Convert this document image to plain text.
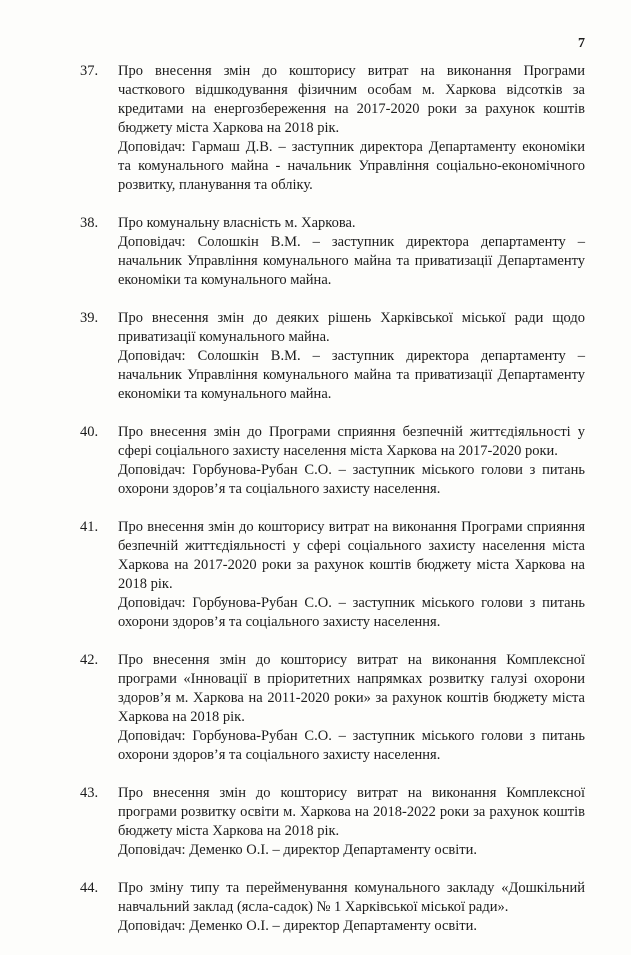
7
37.	Про внесення змін до кошторису витрат на виконання Програми часткового відшкодування фізичним особам м. Харкова відсотків за кредитами на енергозбереження на 2017-2020 роки за рахунок коштів бюджету міста Харкова на 2018 рік.

Доповідач: Гармаш Д.В. – заступник директора Департаменту економіки та комунального майна - начальник Управління соціально-економічного розвитку, планування та обліку.

38.	Про комунальну власність м. Харкова.

Доповідач: Солошкін В.М. – заступник директора департаменту – начальник Управління комунального майна та приватизації Департаменту економіки та комунального майна.

39.	Про внесення змін до деяких рішень Харківської міської ради щодо приватизації комунального майна.

Доповідач: Солошкін В.М. – заступник директора департаменту – начальник Управління комунального майна та приватизації Департаменту економіки та комунального майна.

40.	Про внесення змін до Програми сприяння безпечній життєдіяльності у сфері соціального захисту населення міста Харкова на 2017-2020 роки.

Доповідач: Горбунова-Рубан С.О. – заступник міського голови з питань охорони здоров’я та соціального захисту населення.

41.	Про внесення змін до кошторису витрат на виконання Програми сприяння безпечній життєдіяльності у сфері соціального захисту населення міста Харкова на 2017-2020 роки за рахунок коштів бюджету міста Харкова на 2018 рік.

Доповідач: Горбунова-Рубан С.О. – заступник міського голови з питань охорони здоров’я та соціального захисту населення.

42.	Про внесення змін до кошторису витрат на виконання Комплексної програми «Інновації в пріоритетних напрямках розвитку галузі охорони здоров’я м. Харкова на 2011-2020 роки» за рахунок коштів бюджету міста Харкова на 2018 рік.

Доповідач: Горбунова-Рубан С.О. – заступник міського голови з питань охорони здоров’я та соціального захисту населення.

43.	Про внесення змін до кошторису витрат на виконання Комплексної програми розвитку освіти м. Харкова на 2018-2022 роки за рахунок коштів бюджету міста Харкова на 2018 рік.

Доповідач: Деменко О.І. – директор Департаменту освіти.

44.	Про зміну типу та перейменування комунального закладу «Дошкільний навчальний заклад (ясла-садок) № 1 Харківської міської ради».

Доповідач: Деменко О.І. – директор Департаменту освіти.
